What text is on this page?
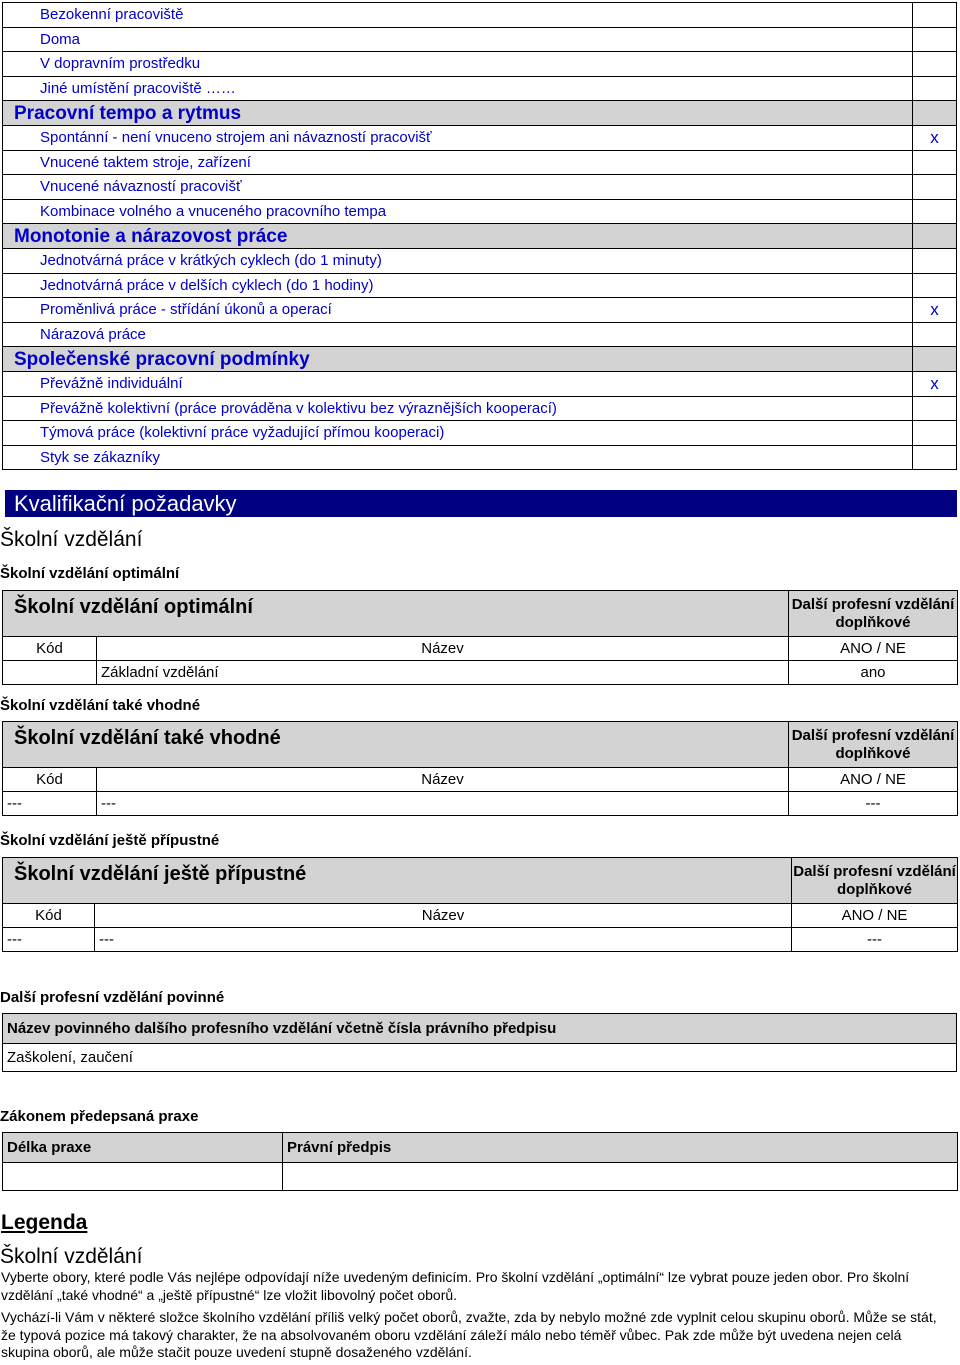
Bezokenní pracoviště	
Doma	
V dopravním prostředku	
Jiné umístění pracoviště ……	
Pracovní tempo a rytmus	
Spontánní - není vnuceno strojem ani návazností pracovišť	x
Vnucené taktem stroje, zařízení	
Vnucené návazností pracovišť	
Kombinace volného a vnuceného pracovního tempa	
Monotonie a nárazovost práce	
Jednotvárná práce v krátkých cyklech (do 1 minuty)	
Jednotvárná práce v delších cyklech (do 1 hodiny)	
Proměnlivá práce - střídání úkonů a operací	x
Nárazová práce	
Společenské pracovní podmínky	
Převážně individuální	x
Převážně kolektivní (práce prováděna v kolektivu bez výraznějších kooperací)	
Týmová práce (kolektivní práce vyžadující přímou kooperaci)	
Styk se zákazníky	
Kvalifikační požadavky
Školní vzdělání
Školní vzdělání optimální
Školní vzdělání optimální		Další profesní vzdělání doplňkové
Kód	Název	ANO / NE
	Základní vzdělání	ano
Školní vzdělání také vhodné
Školní vzdělání také vhodné		Další profesní vzdělání doplňkové
Kód	Název	ANO / NE
---	---	---
Školní vzdělání ještě přípustné
Školní vzdělání ještě přípustné		Další profesní vzdělání doplňkové
Kód	Název	ANO / NE
---	---	---
Další profesní vzdělání povinné
Název povinného dalšího profesního vzdělání včetně čísla právního předpisu
Zaškolení, zaučení
Zákonem předepsaná praxe
Délka praxe	Právní předpis

Legenda
Školní vzdělání
Vyberte obory, které podle Vás nejlépe odpovídají níže uvedeným definicím. Pro školní vzdělání „optimální“ lze vybrat pouze jeden obor. Pro školní vzdělání „také vhodné“ a „ještě přípustné“ lze vložit libovolný počet oborů.
Vychází-li Vám v některé složce školního vzdělání příliš velký počet oborů, zvažte, zda by nebylo možné zde vyplnit celou skupinu oborů. Může se stát, že typová pozice má takový charakter, že na absolvovaném oboru vzdělání záleží málo nebo téměř vůbec. Pak zde může být uvedena nejen celá skupina oborů, ale může stačit pouze uvedení stupně dosaženého vzdělání.
